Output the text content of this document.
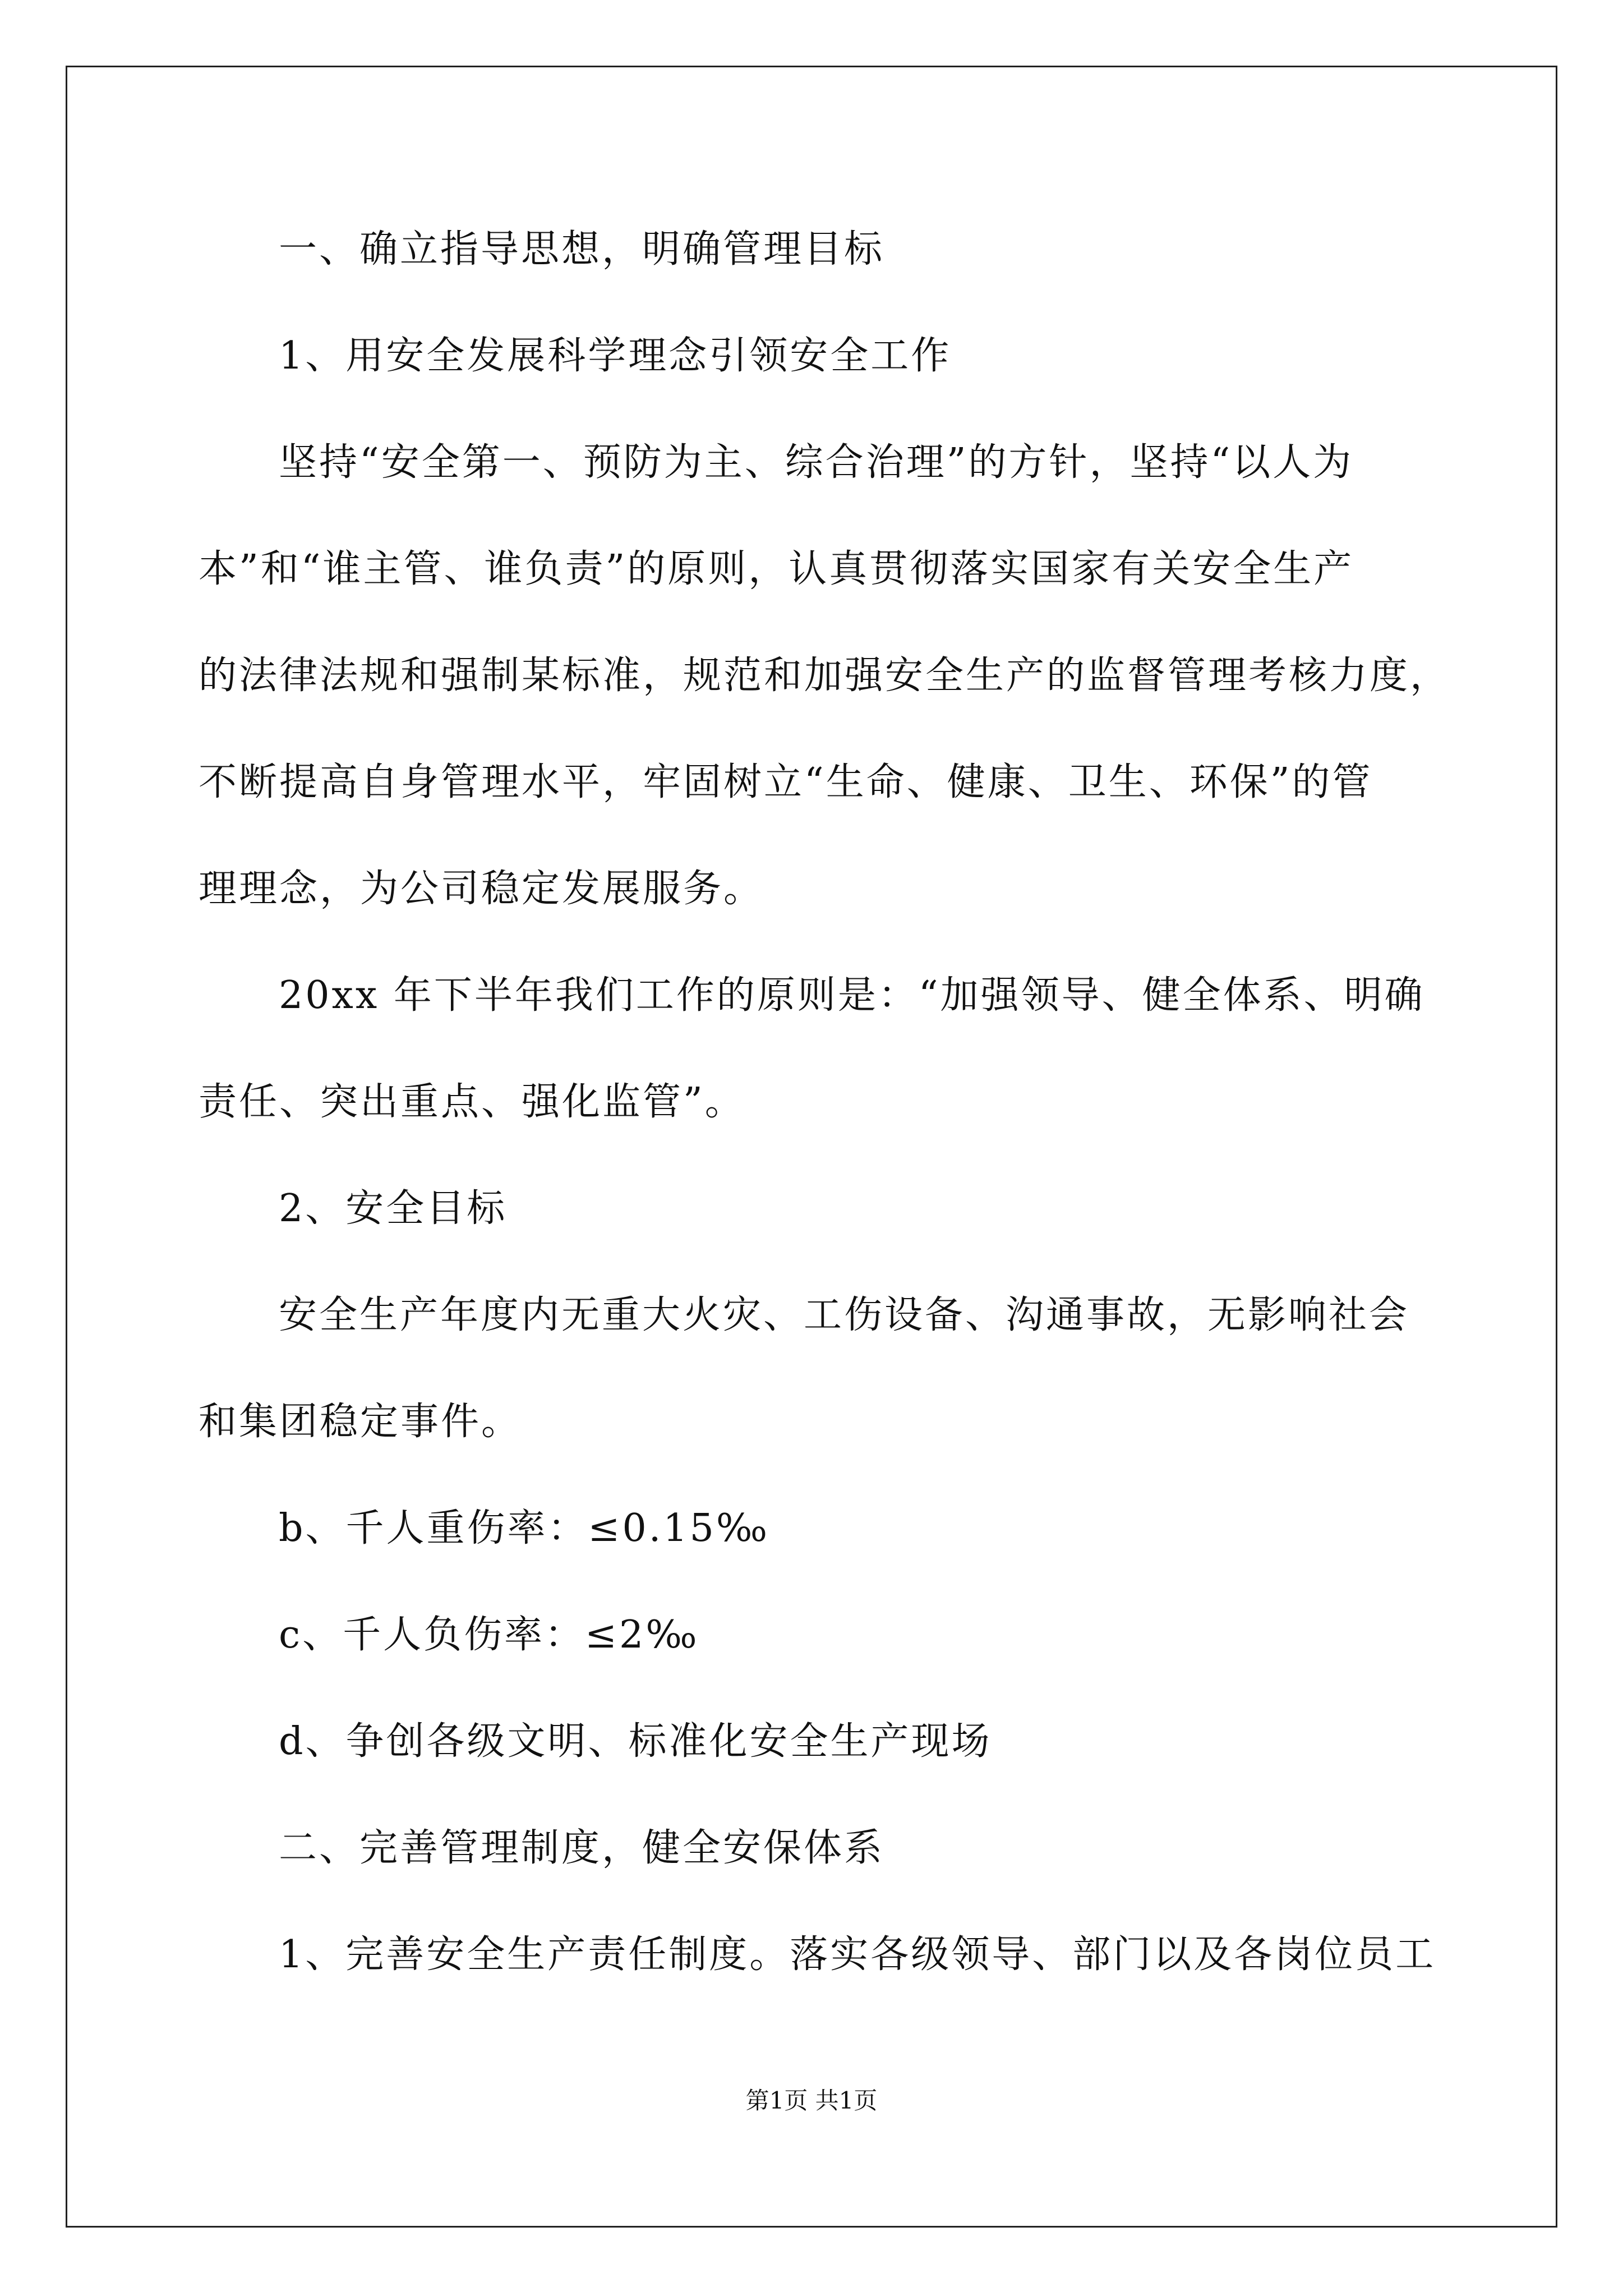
一、确立指导思想，明确管理目标
1、用安全发展科学理念引领安全工作
坚持“安全第一、预防为主、综合治理”的方针，坚持“以人为
本”和“谁主管、谁负责”的原则，认真贯彻落实国家有关安全生产
的法律法规和强制某标准，规范和加强安全生产的监督管理考核力度，
不断提高自身管理水平，牢固树立“生命、健康、卫生、环保”的管
理理念，为公司稳定发展服务。
20xx 年下半年我们工作的原则是：“加强领导、健全体系、明确
责任、突出重点、强化监管”。
2、安全目标
安全生产年度内无重大火灾、工伤设备、沟通事故，无影响社会
和集团稳定事件。
b、千人重伤率：≤0.15‰
c、千人负伤率：≤2‰
d、争创各级文明、标准化安全生产现场
二、完善管理制度，健全安保体系
1、完善安全生产责任制度。落实各级领导、部门以及各岗位员工
第1页 共1页
